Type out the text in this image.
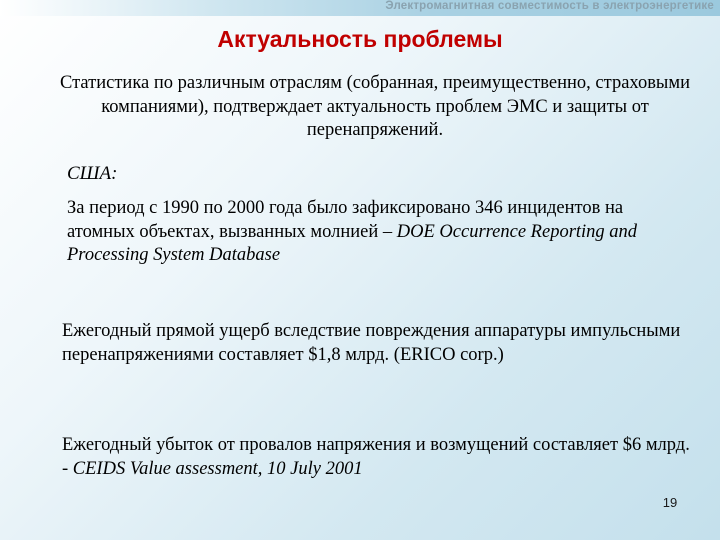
Электромагнитная совместимость в электроэнергетике
Актуальность проблемы

Статистика по различным отраслям (собранная, преимущественно, страховыми компаниями), подтверждает актуальность проблем ЭМС и защиты от перенапряжений.

США:

За период с 1990 по 2000 года было зафиксировано 346 инцидентов на атомных объектах, вызванных молнией – DOE Occurrence Reporting and Processing System Database

Ежегодный прямой ущерб вследствие повреждения аппаратуры импульсными перенапряжениями составляет $1,8 млрд. (ERICO corp.)

Ежегодный убыток от провалов напряжения и возмущений составляет $6 млрд. - CEIDS Value assessment, 10 July 2001

19
